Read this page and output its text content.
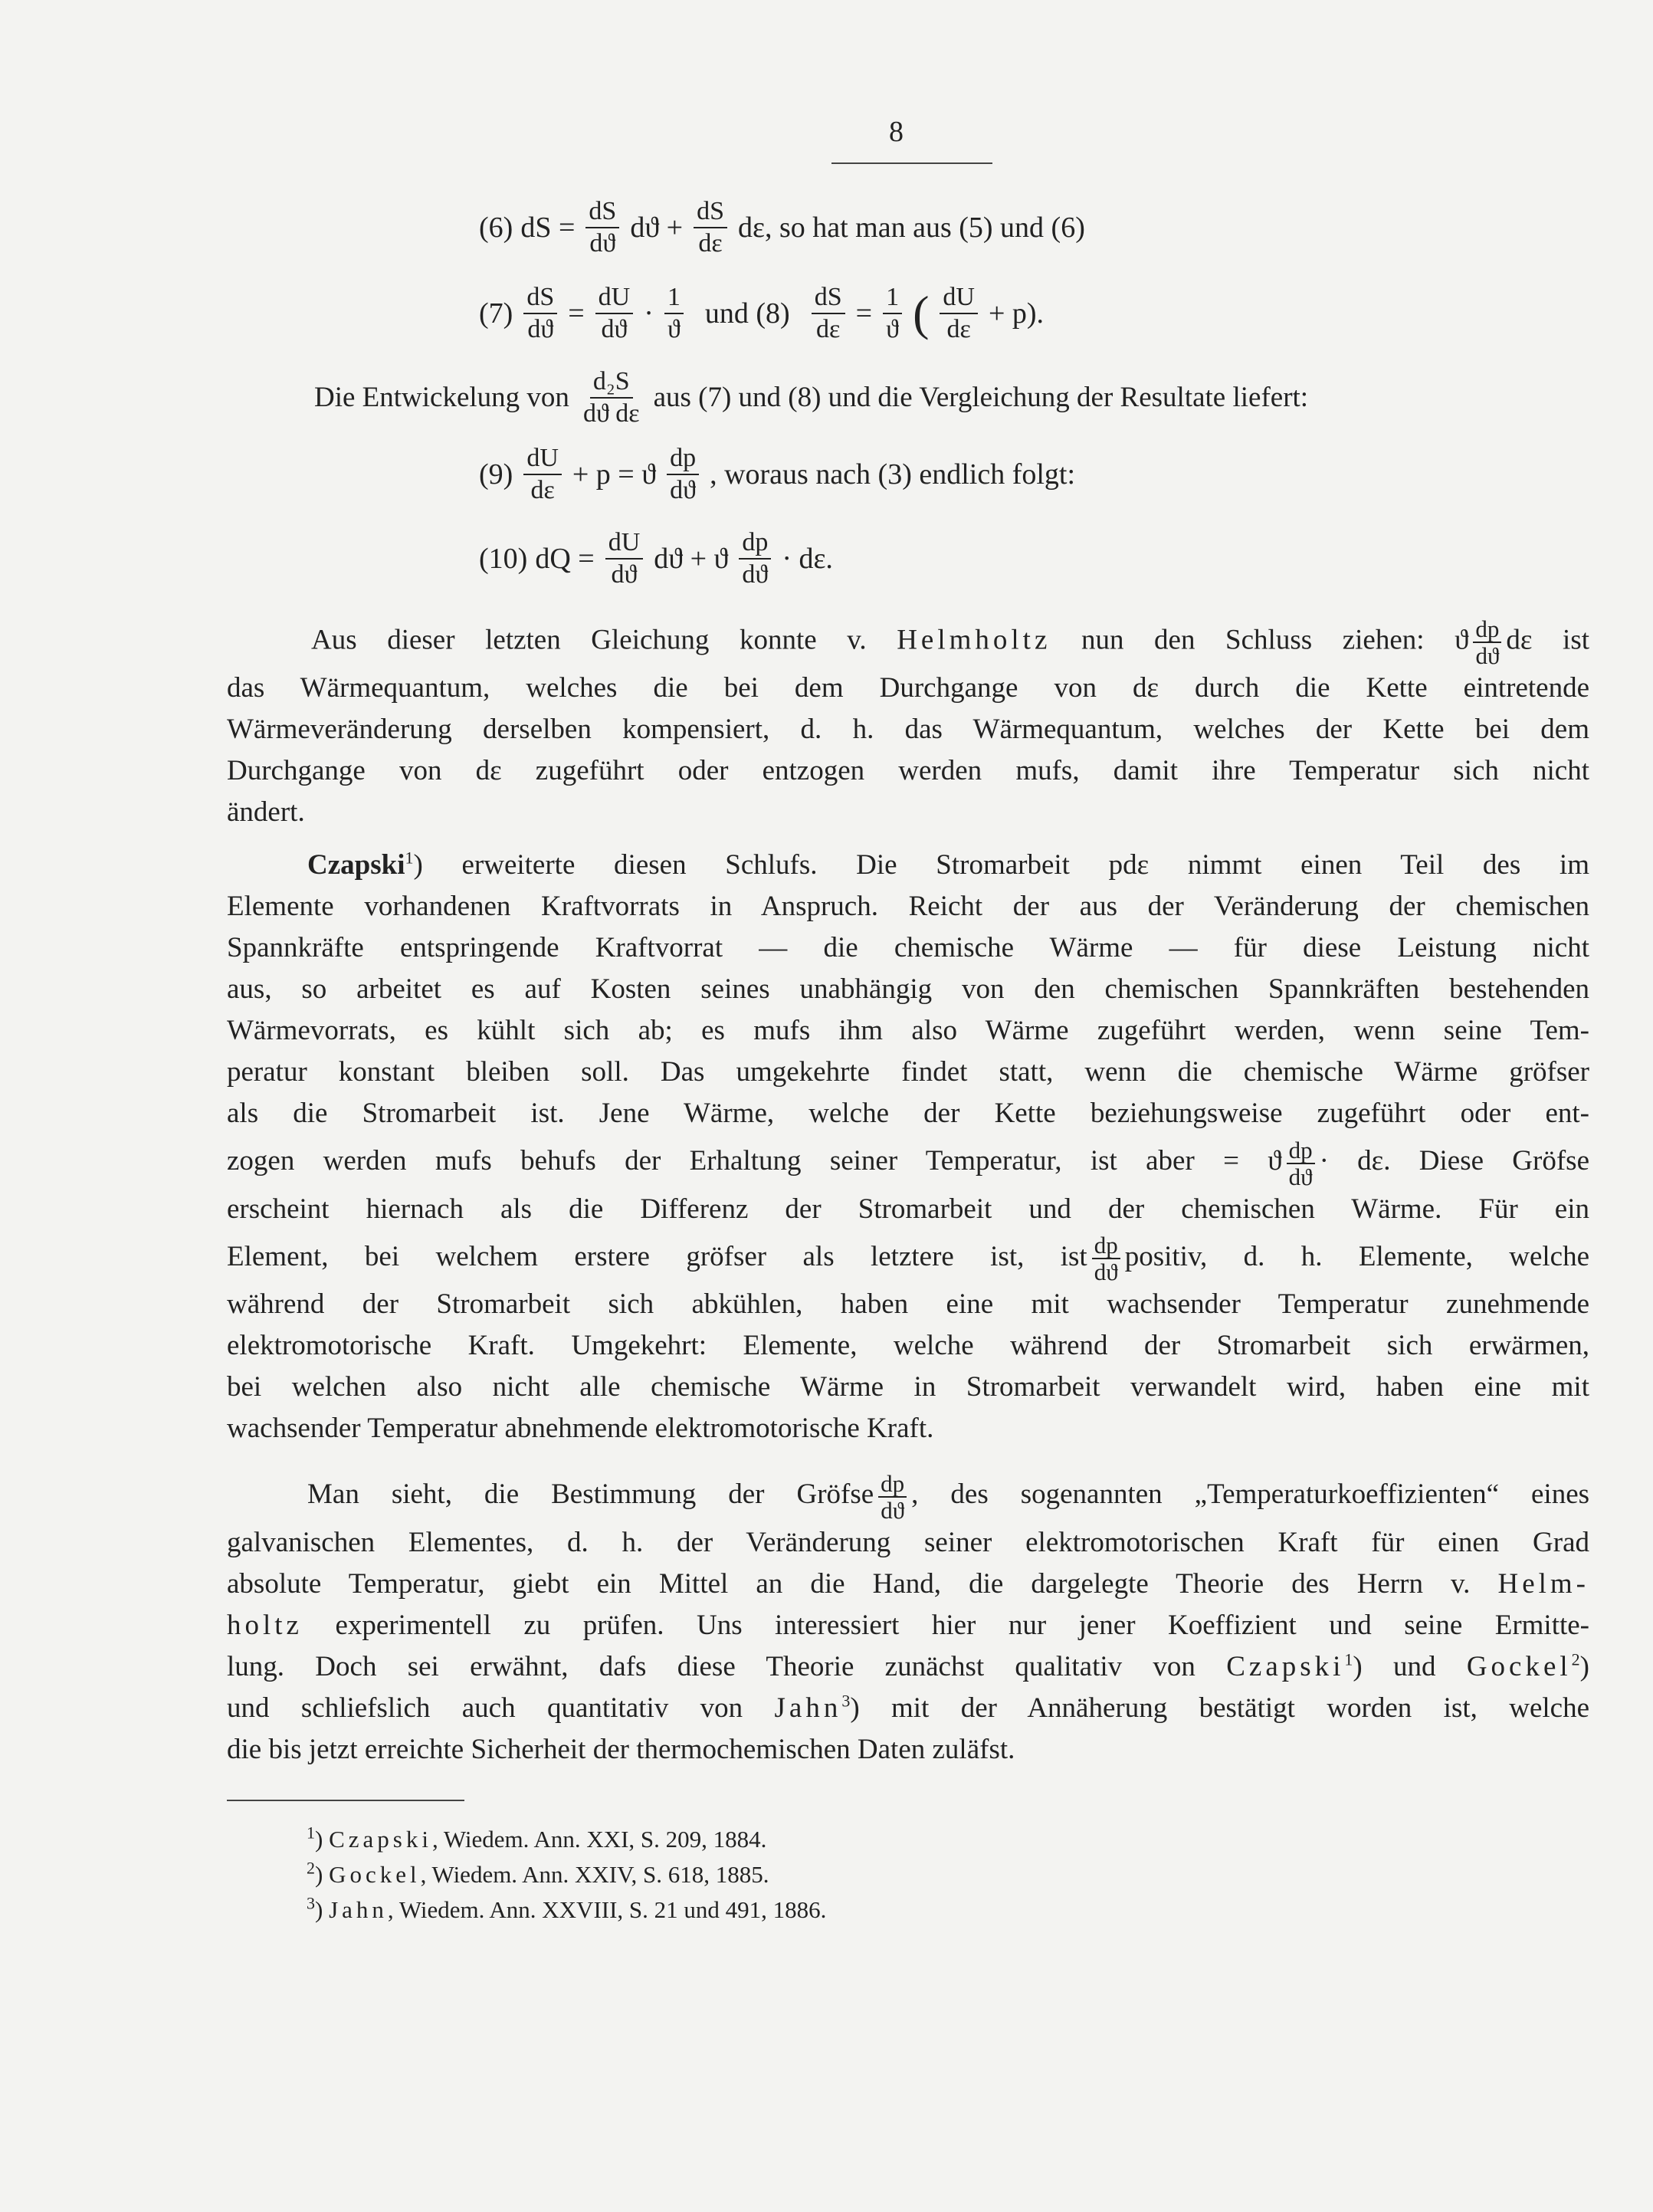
8
(6) dS = $\frac{dS}{dϑ}$ $dϑ + \frac{dS}{d\varepsilon} d\varepsilon$, so hat man aus (5) und (6)
$(7) \frac{dS}{dϑ} = \frac{dU}{dϑ} \cdot \frac{1}{ϑ}$ und $(8) \frac{dS}{d\varepsilon} = \frac{1}{ϑ}$ ( $\frac{dU}{d\varepsilon} + p$).
Die Entwickelung von $\frac{\text{d₂S}}{\text{dϑ dε}}$ aus (7) und (8) und die Vergleichung der Resultate liefert:
$(9) \frac{dU}{d\varepsilon} + p = ϑ \frac{dp}{dϑ}$ , woraus nach (3) endlich folgt:
(10) dQ = $\frac{dU}{dϑ}$ dϑ + ϑ $\frac{dp}{dϑ} \cdot d\varepsilon$.
Aus dieser letzten Gleichung konnte v. Helmholtz nun den Schluss ziehen: ϑ $\frac{dp}{dϑ}$ dε ist
das Wärmequantum, welches die bei dem Durchgange von dε durch die Kette eintretende
Wärmeveränderung derselben kompensiert, d. h. das Wärmequantum, welches der Kette bei dem
Durchgange von dε zugeführt oder entzogen werden mufs, damit ihre Temperatur sich nicht
ändert.
Czapski$^1$) erweiterte diesen Schlufs. Die Stromarbeit pdε nimmt einen Teil des im
Elemente vorhandenen Kraftvorrats in Anspruch. Reicht der aus der Veränderung der chemischen
Spannkräfte entspringende Kraftvorrat — die chemische Wärme — für diese Leistung nicht
aus, so arbeitet es auf Kosten seines unabhängig von den chemischen Spannkräften bestehenden
Wärmevorrats, es kühlt sich ab; es mufs ihm also Wärme zugeführt werden, wenn seine Tem-
peratur konstant bleiben soll. Das umgekehrte findet statt, wenn die chemische Wärme gröfser
als die Stromarbeit ist. Jene Wärme, welche der Kette beziehungsweise zugeführt oder ent-
zogen werden mufs behufs der Erhaltung seiner Temperatur, ist aber = ϑ $\frac{dp}{dϑ} \cdot d\varepsilon$. Diese Gröfse
erscheint hiernach als die Differenz der Stromarbeit und der chemischen Wärme. Für ein
Element, bei welchem erstere gröfser als letztere ist, ist $\frac{dp}{dϑ}$ positiv, d. h. Elemente, welche
während der Stromarbeit sich abkühlen, haben eine mit wachsender Temperatur zunehmende
elektromotorische Kraft. Umgekehrt: Elemente, welche während der Stromarbeit sich erwärmen,
bei welchen also nicht alle chemische Wärme in Stromarbeit verwandelt wird, haben eine mit
wachsender Temperatur abnehmende elektromotorische Kraft.
Man sieht, die Bestimmung der Gröfse $\frac{dp}{dϑ}$ , des sogenannten „Temperaturkoeffizienten“ eines
galvanischen Elementes, d. h. der Veränderung seiner elektromotorischen Kraft für einen Grad
absolute Temperatur, giebt ein Mittel an die Hand, die dargelegte Theorie des Herrn v. Helm-
holtz experimentell zu prüfen. Uns interessiert hier nur jener Koeffizient und seine Ermitte-
lung. Doch sei erwähnt, dafs diese Theorie zunächst qualitativ von Czapski$^1$) und Gockel$^2$)
und schliefslich auch quantitativ von Jahn$^3$) mit der Annäherung bestätigt worden ist, welche
die bis jetzt erreichte Sicherheit der thermochemischen Daten zuläfst.
$^1$) Czapski, Wiedem. Ann. XXI, S. 209, 1884.
$^2$) Gockel, Wiedem. Ann. XXIV, S. 618, 1885.
$^3$) Jahn, Wiedem. Ann. XXVIII, S. 21 und 491, 1886.
